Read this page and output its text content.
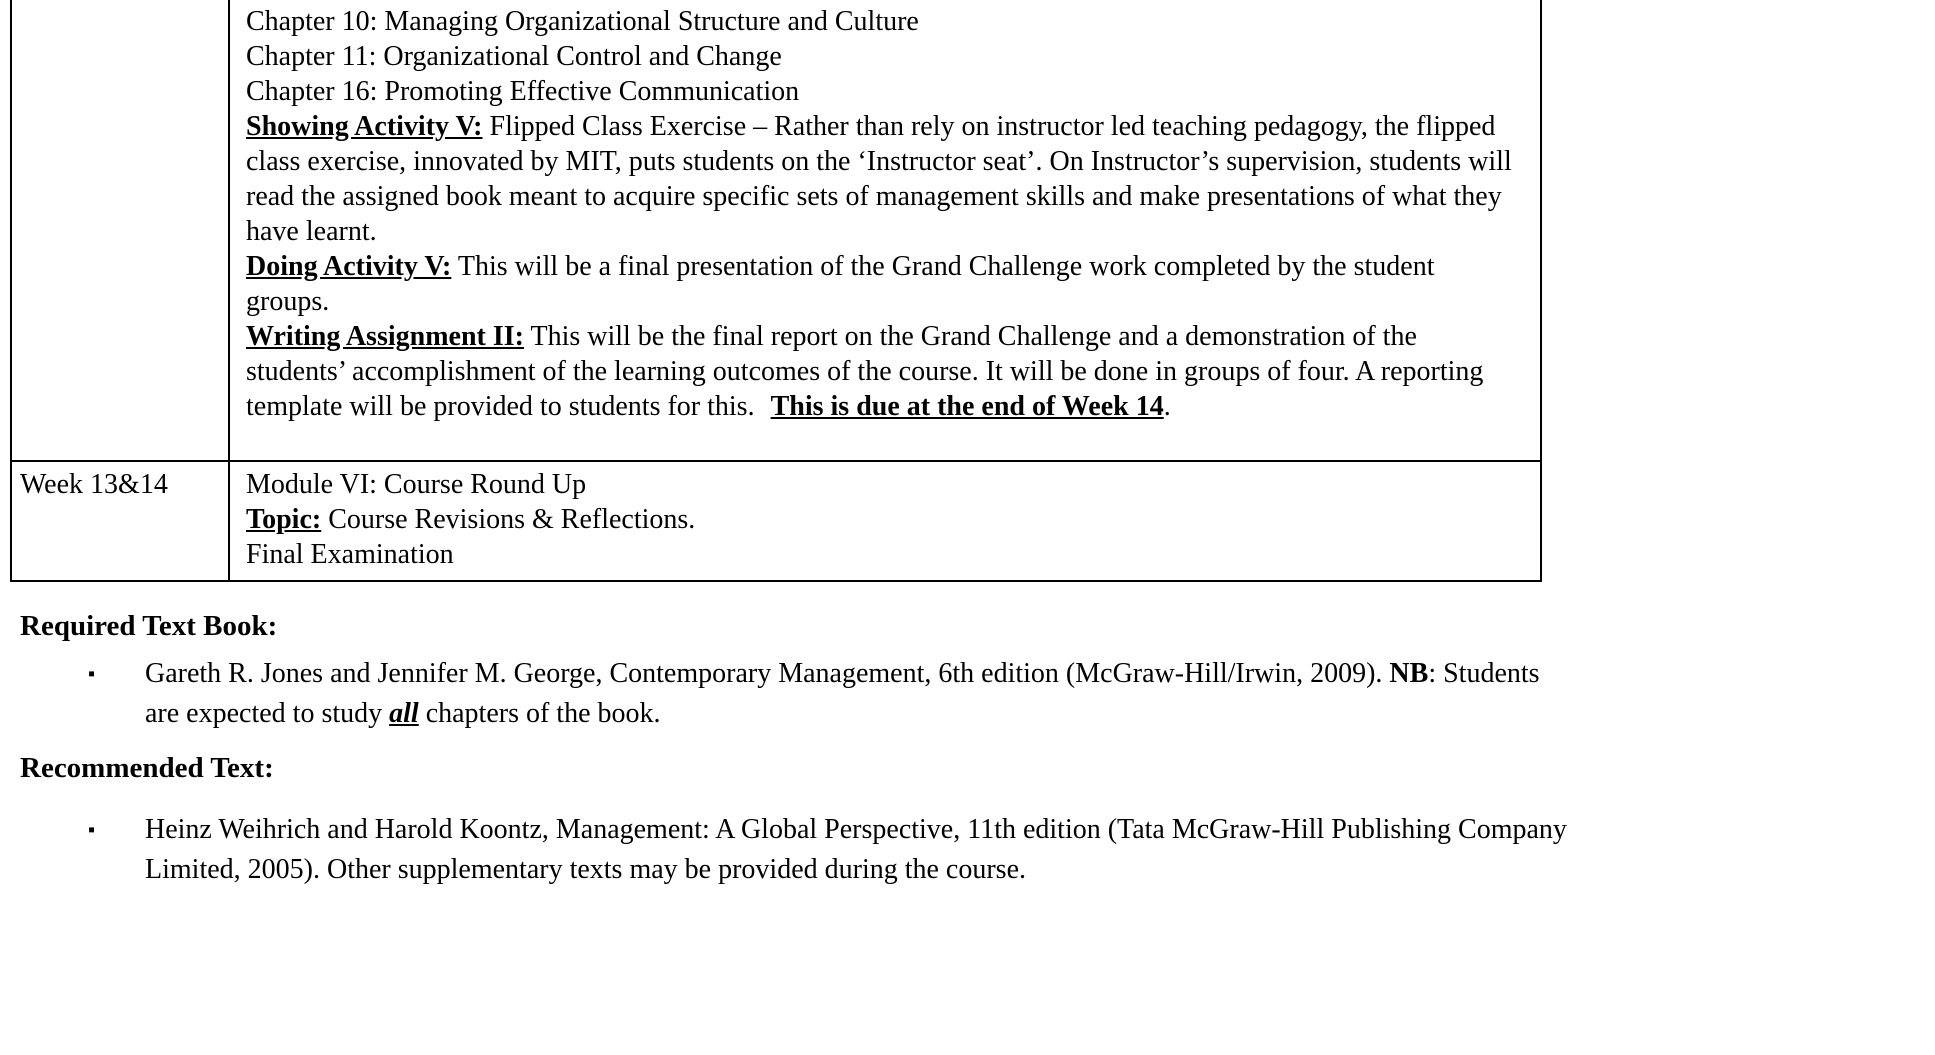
Chapter 10: Managing Organizational Structure and Culture
Chapter 11: Organizational Control and Change
Chapter 16: Promoting Effective Communication
Showing Activity V: Flipped Class Exercise – Rather than rely on instructor led teaching pedagogy, the flipped class exercise, innovated by MIT, puts students on the ‘Instructor seat’. On Instructor’s supervision, students will read the assigned book meant to acquire specific sets of management skills and make presentations of what they have learnt.
Doing Activity V: This will be a final presentation of the Grand Challenge work completed by the student groups.
Writing Assignment II: This will be the final report on the Grand Challenge and a demonstration of the students’ accomplishment of the learning outcomes of the course. It will be done in groups of four. A reporting template will be provided to students for this. This is due at the end of Week 14.

Week 13&14	Module VI: Course Round Up
Topic: Course Revisions & Reflections.
Final Examination
Required Text Book:
▪	Gareth R. Jones and Jennifer M. George, Contemporary Management, 6th edition (McGraw-Hill/Irwin, 2009). NB: Students are expected to study all chapters of the book.
Recommended Text:
▪	Heinz Weihrich and Harold Koontz, Management: A Global Perspective, 11th edition (Tata McGraw-Hill Publishing Company Limited, 2005). Other supplementary texts may be provided during the course.
